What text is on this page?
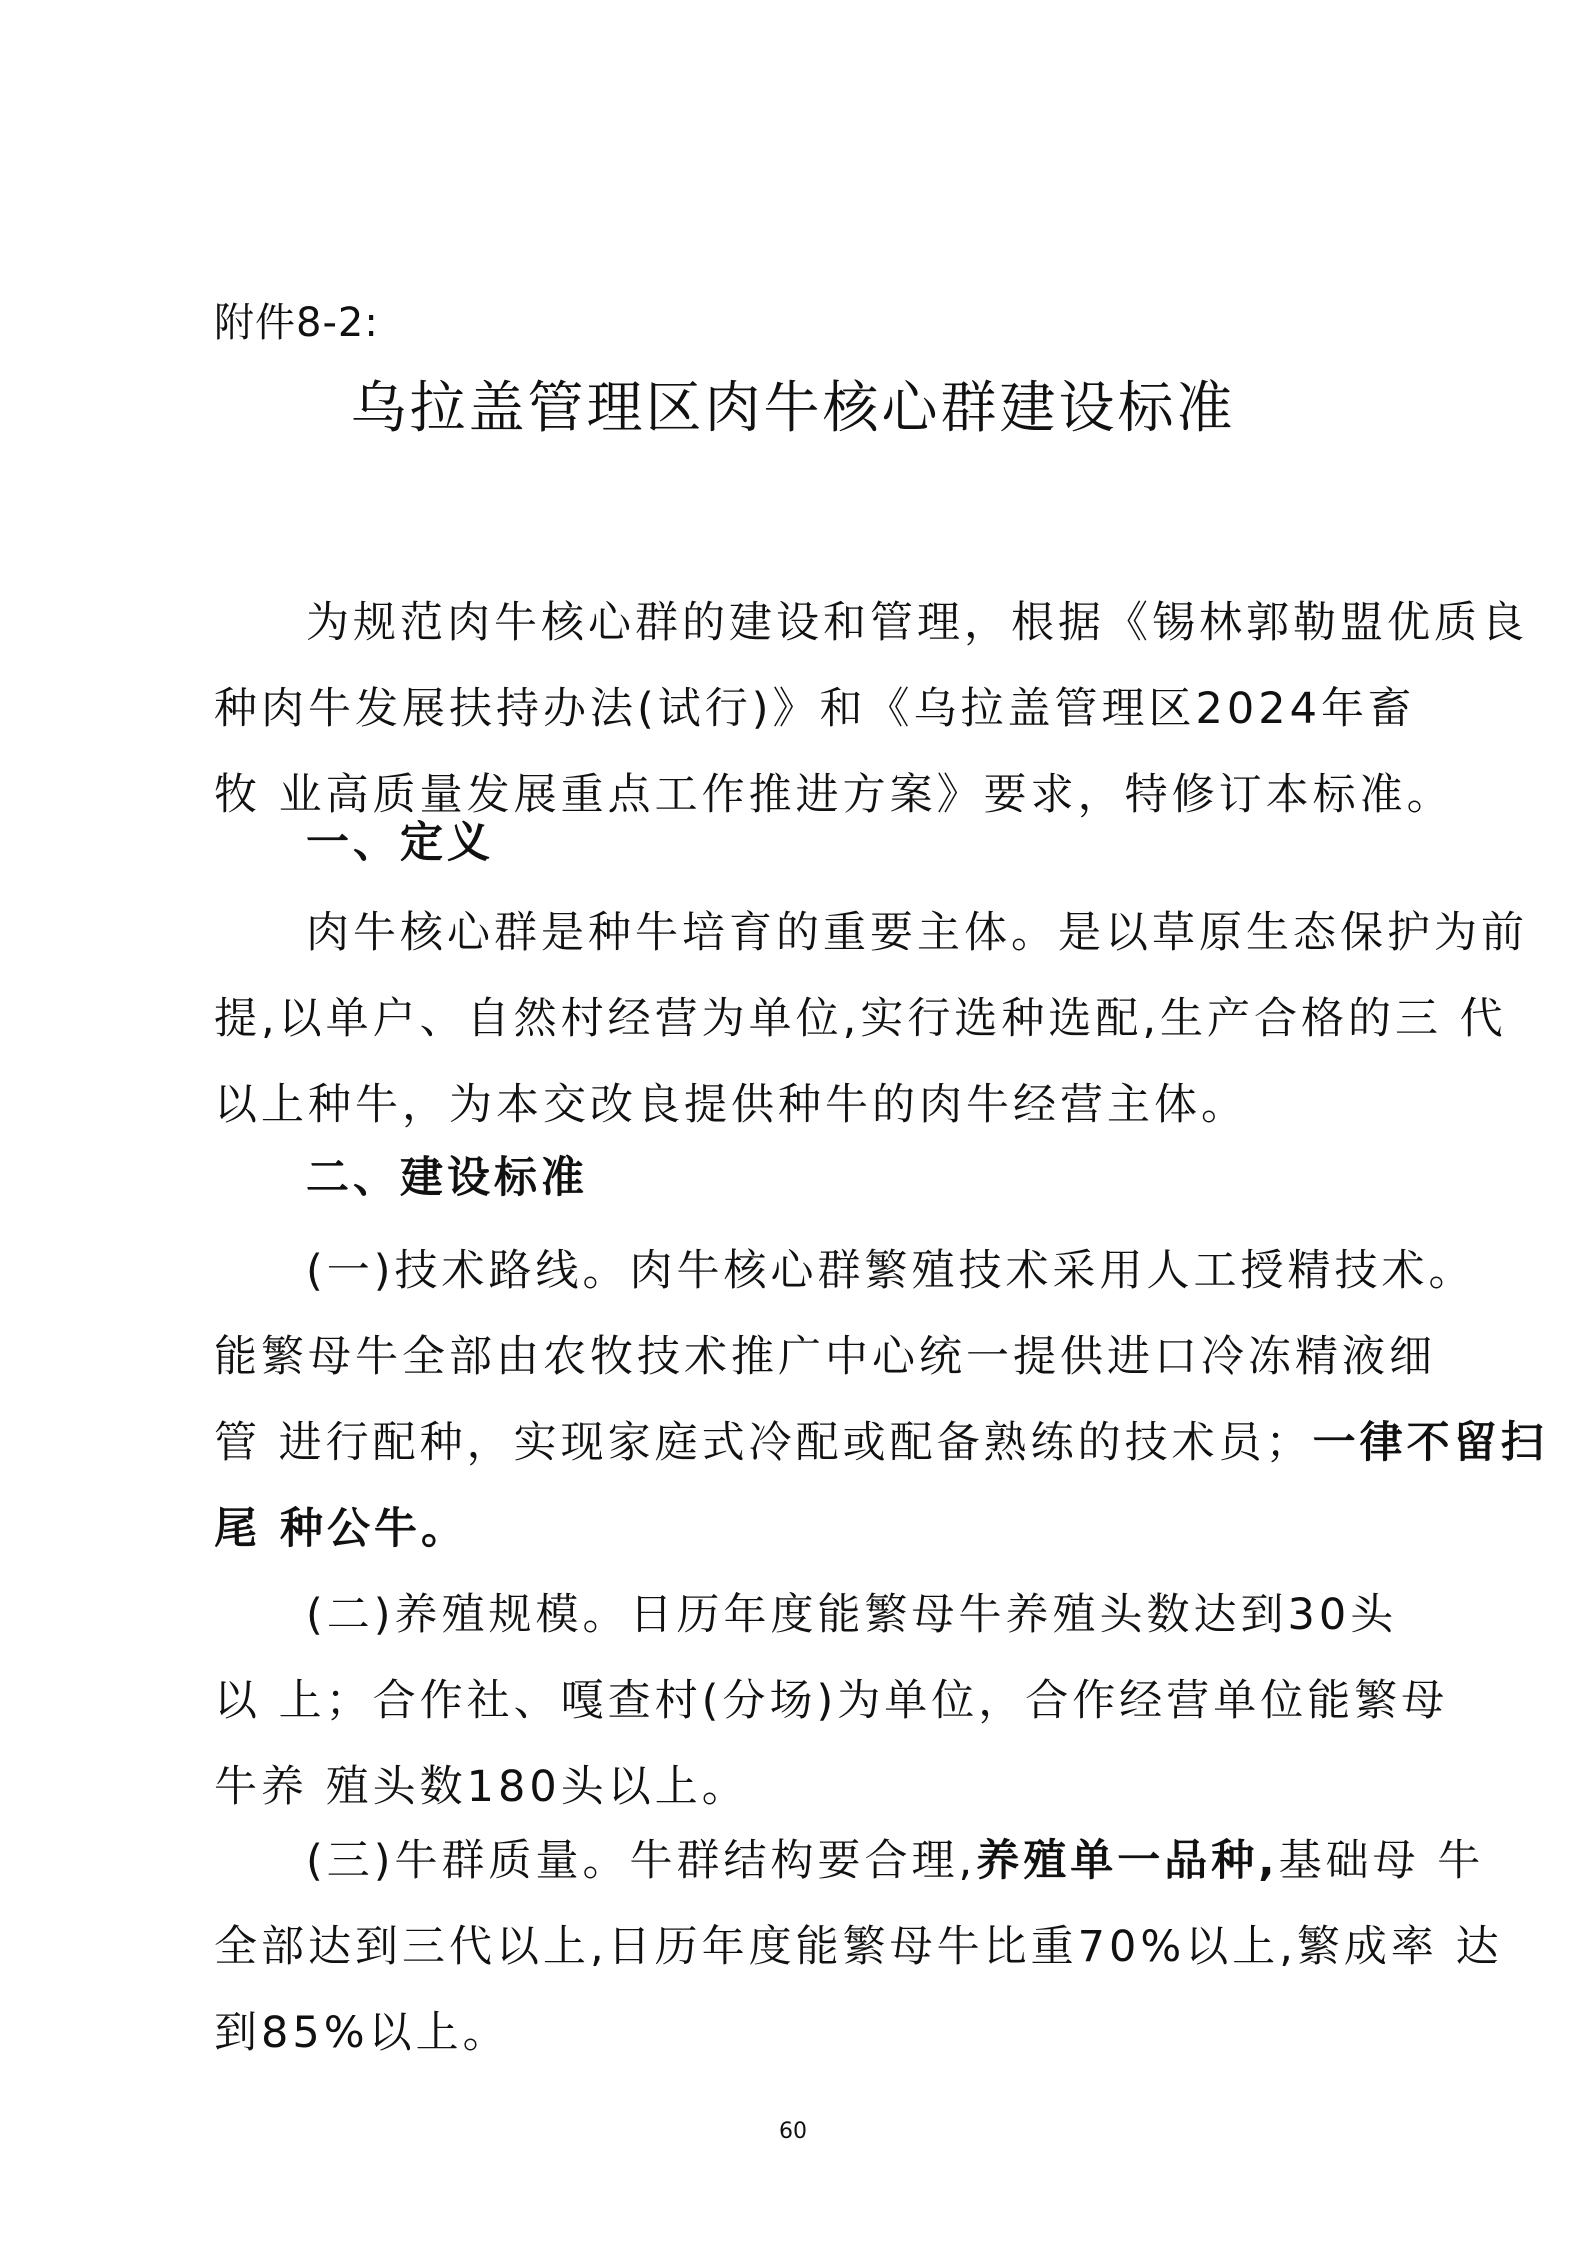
附件8-2:
乌拉盖管理区肉牛核心群建设标准
为规范肉牛核心群的建设和管理，根据《锡林郭勒盟优质良
种肉牛发展扶持办法(试行)》和《乌拉盖管理区2024年畜
牧 业高质量发展重点工作推进方案》要求，特修订本标准。
一、定义
肉牛核心群是种牛培育的重要主体。是以草原生态保护为前
提,以单户、自然村经营为单位,实行选种选配,生产合格的三 代
以上种牛，为本交改良提供种牛的肉牛经营主体。
二、建设标准
(一)技术路线。肉牛核心群繁殖技术采用人工授精技术。
能繁母牛全部由农牧技术推广中心统一提供进口冷冻精液细
管 进行配种，实现家庭式冷配或配备熟练的技术员；一律不留扫
尾 种公牛。
(二)养殖规模。日历年度能繁母牛养殖头数达到30头
以 上；合作社、嘎查村(分场)为单位，合作经营单位能繁母
牛养 殖头数180头以上。
(三)牛群质量。牛群结构要合理,养殖单一品种,基础母 牛
全部达到三代以上,日历年度能繁母牛比重70%以上,繁成率 达
到85%以上。
60
